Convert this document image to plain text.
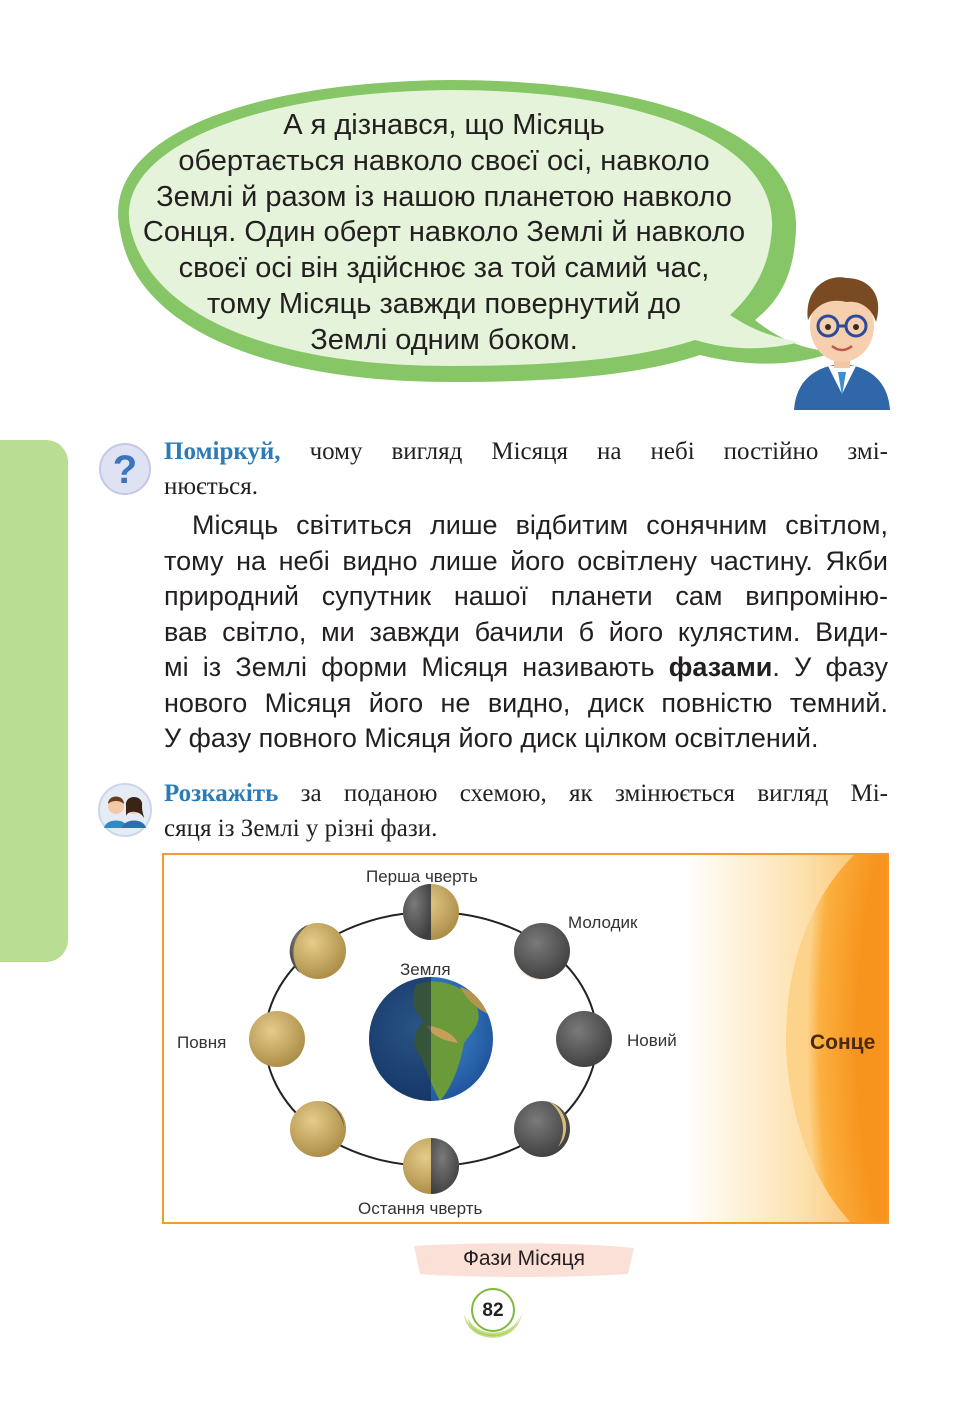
А я дізнався, що Місяць
обертається навколо своєї осі, навколо
Землі й разом із нашою планетою навколо
Сонця. Один оберт навколо Землі й навколо
своєї осі він здійснює за той самий час,
тому Місяць завжди повернутий до
Землі одним боком.
? Поміркуй, чому вигляд Місяця на небі постійно змі-
нюється.

Місяць світиться лише відбитим сонячним світлом,
тому на небі видно лише його освітлену частину. Якби
природний супутник нашої планети сам випроміню-
вав світло, ми завжди бачили б його кулястим. Види-
мі із Землі форми Місяця називають фазами. У фазу
нового Місяця його не видно, диск повністю темний.
У фазу повного Місяця його диск цілком освітлений.

Розкажіть за поданою схемою, як змінюється вигляд Мі-
сяця із Землі у різні фази.

Перша чверть
Молодик
Земля
Повня	Новий
Остання чверть
Сонце
Фази Місяця
82
